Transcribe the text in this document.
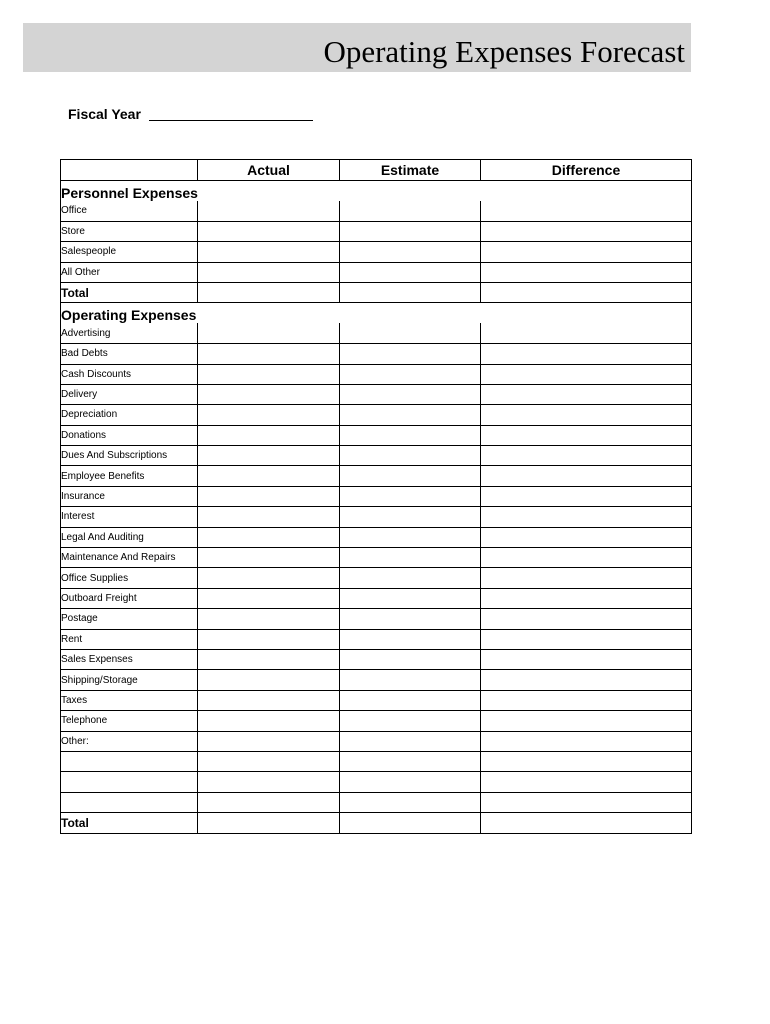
Operating Expenses Forecast
Fiscal Year
	Actual	Estimate	Difference
Personnel Expenses			
Office			
Store			
Salespeople			
All Other			
Total			
Operating Expenses			
Advertising			
Bad Debts			
Cash Discounts			
Delivery			
Depreciation			
Donations			
Dues And Subscriptions			
Employee Benefits			
Insurance			
Interest			
Legal And Auditing			
Maintenance And Repairs			
Office Supplies			
Outboard Freight			
Postage			
Rent			
Sales Expenses			
Shipping/Storage			
Taxes			
Telephone			
Other:			

Total			
